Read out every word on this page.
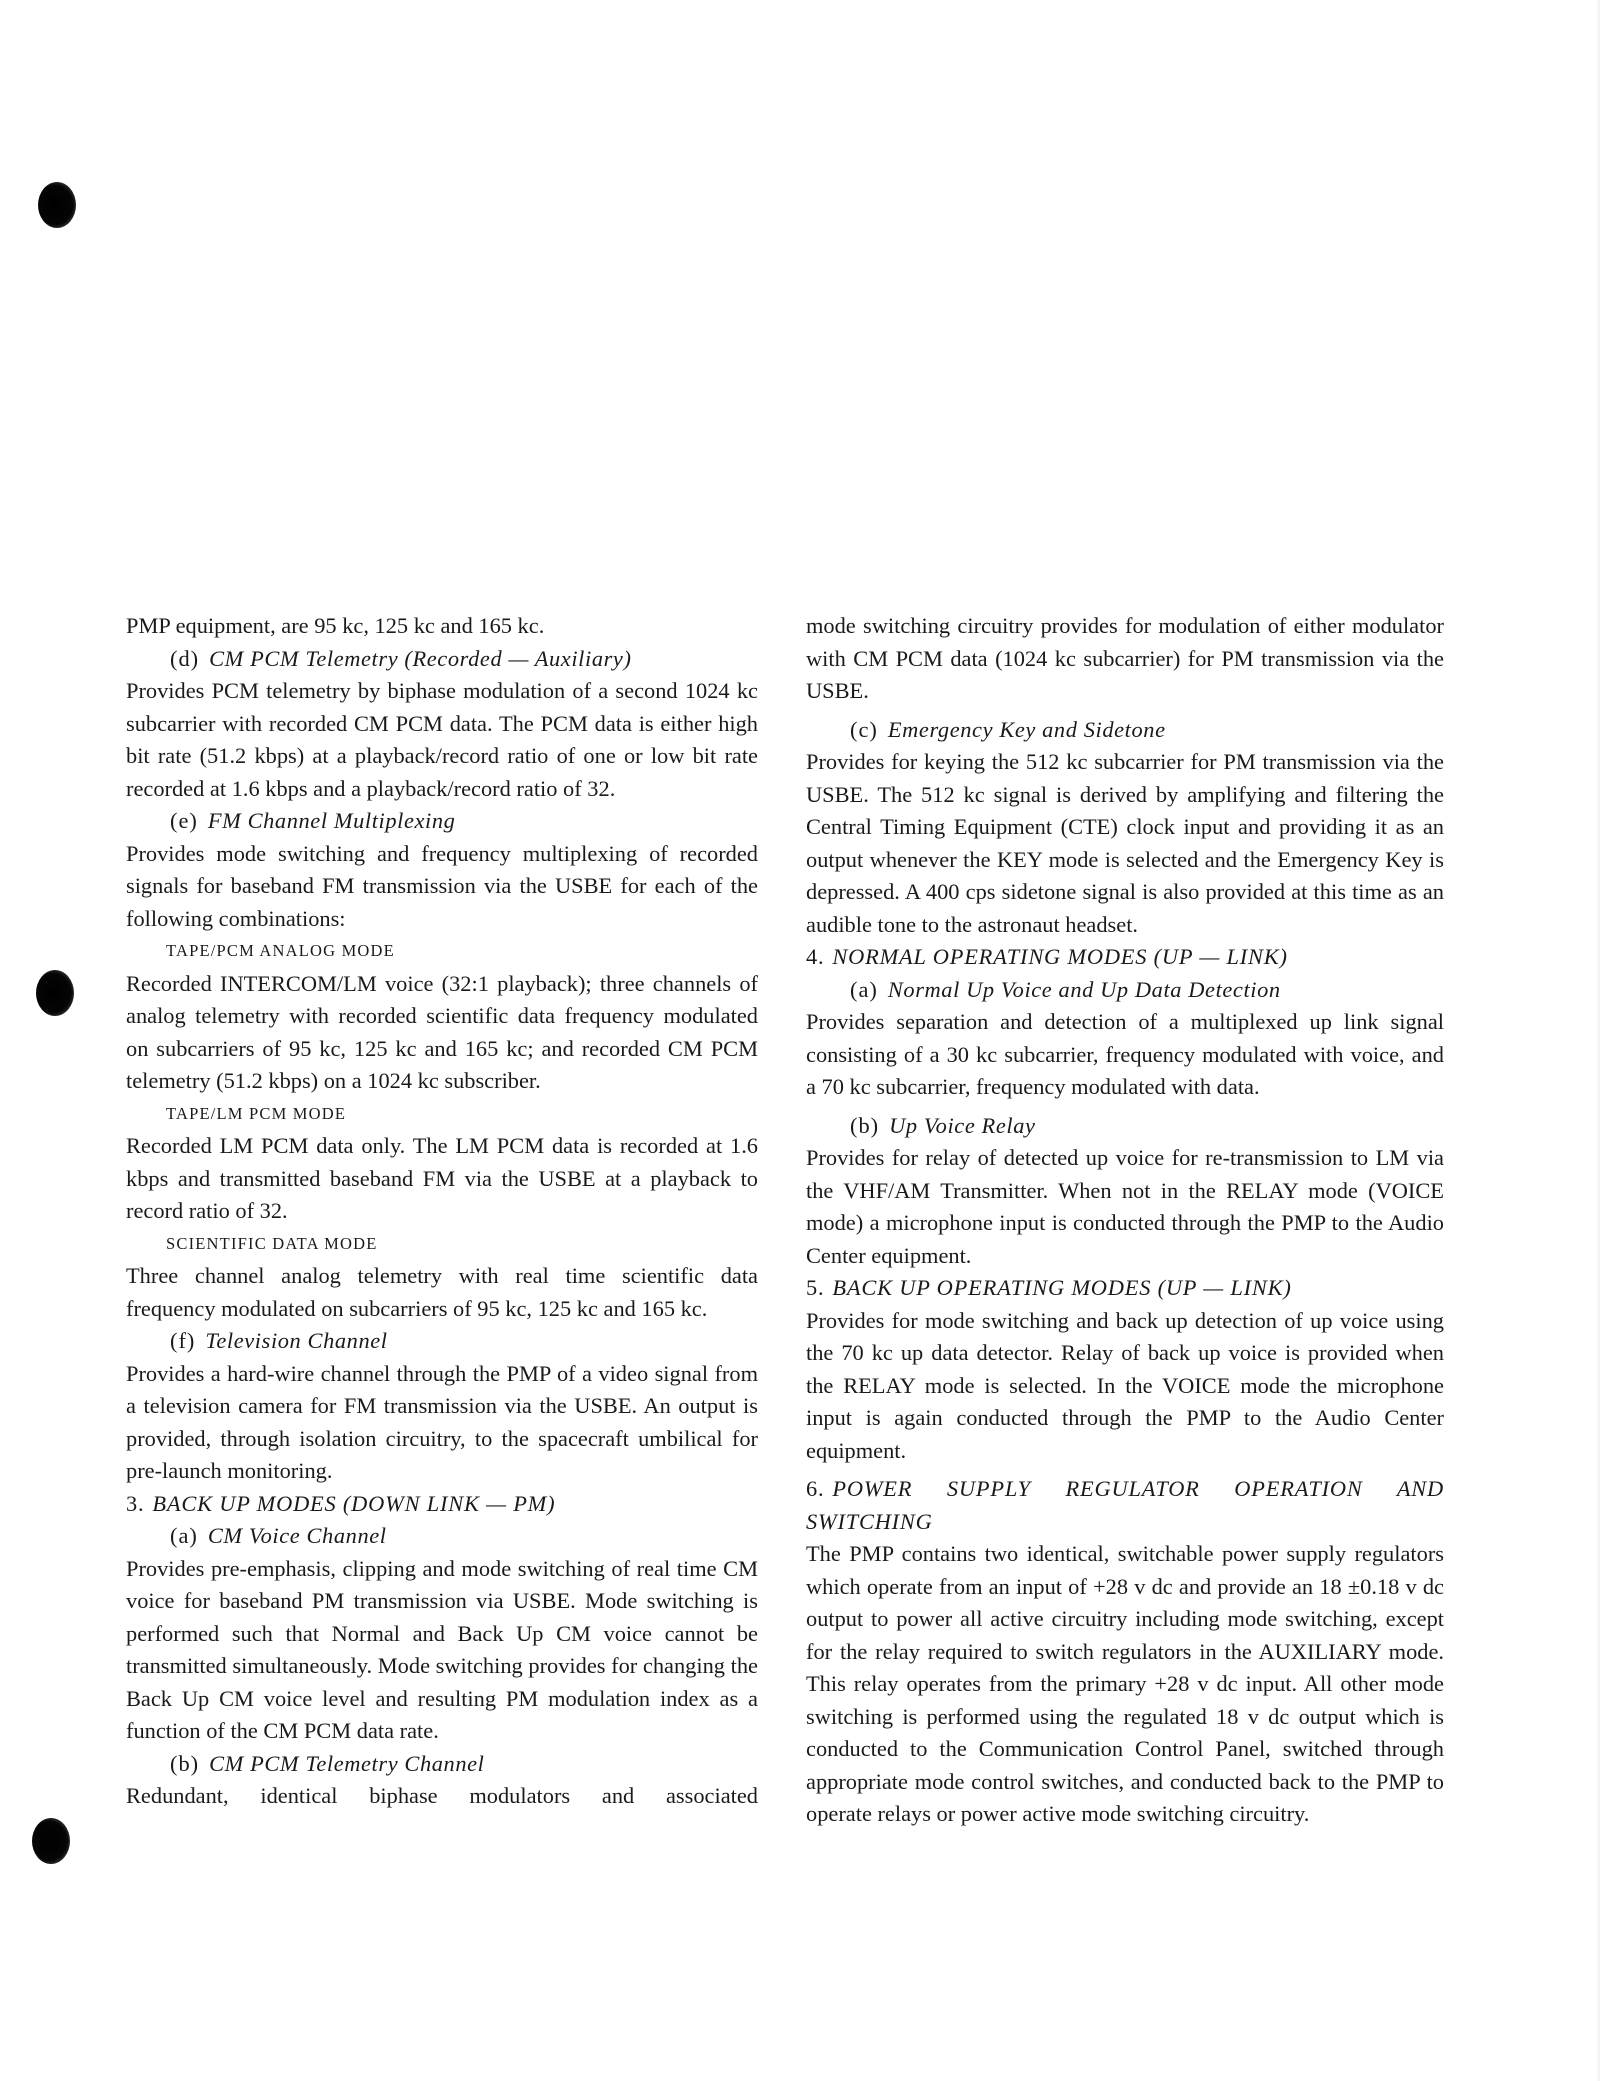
PMP equipment, are 95 kc, 125 kc and 165 kc.

(d) CM PCM Telemetry (Recorded — Auxiliary)

Provides PCM telemetry by biphase modulation of a second 1024 kc subcarrier with recorded CM PCM data. The PCM data is either high bit rate (51.2 kbps) at a playback/record ratio of one or low bit rate recorded at 1.6 kbps and a playback/record ratio of 32.

(e) FM Channel Multiplexing

Provides mode switching and frequency multiplexing of recorded signals for baseband FM transmission via the USBE for each of the following combinations:

TAPE/PCM ANALOG MODE

Recorded INTERCOM/LM voice (32:1 playback); three channels of analog telemetry with recorded scientific data frequency modulated on subcarriers of 95 kc, 125 kc and 165 kc; and recorded CM PCM telemetry (51.2 kbps) on a 1024 kc subscriber.

TAPE/LM PCM MODE

Recorded LM PCM data only. The LM PCM data is recorded at 1.6 kbps and transmitted baseband FM via the USBE at a playback to record ratio of 32.

SCIENTIFIC DATA MODE

Three channel analog telemetry with real time scientific data frequency modulated on subcarriers of 95 kc, 125 kc and 165 kc.

(f) Television Channel

Provides a hard-wire channel through the PMP of a video signal from a television camera for FM transmission via the USBE. An output is provided, through isolation circuitry, to the spacecraft umbilical for pre-launch monitoring.

3. BACK UP MODES (DOWN LINK — PM)

(a) CM Voice Channel

Provides pre-emphasis, clipping and mode switching of real time CM voice for baseband PM transmission via USBE. Mode switching is performed such that Normal and Back Up CM voice cannot be transmitted simultaneously. Mode switching provides for changing the Back Up CM voice level and resulting PM modulation index as a function of the CM PCM data rate.

(b) CM PCM Telemetry Channel

Redundant, identical biphase modulators and associated

mode switching circuitry provides for modulation of either modulator with CM PCM data (1024 kc subcarrier) for PM transmission via the USBE.

(c) Emergency Key and Sidetone

Provides for keying the 512 kc subcarrier for PM transmission via the USBE. The 512 kc signal is derived by amplifying and filtering the Central Timing Equipment (CTE) clock input and providing it as an output whenever the KEY mode is selected and the Emergency Key is depressed. A 400 cps sidetone signal is also provided at this time as an audible tone to the astronaut headset.

4. NORMAL OPERATING MODES (UP — LINK)

(a) Normal Up Voice and Up Data Detection

Provides separation and detection of a multiplexed up link signal consisting of a 30 kc subcarrier, frequency modulated with voice, and a 70 kc subcarrier, frequency modulated with data.

(b) Up Voice Relay

Provides for relay of detected up voice for re-transmission to LM via the VHF/AM Transmitter. When not in the RELAY mode (VOICE mode) a microphone input is conducted through the PMP to the Audio Center equipment.

5. BACK UP OPERATING MODES (UP — LINK)

Provides for mode switching and back up detection of up voice using the 70 kc up data detector. Relay of back up voice is provided when the RELAY mode is selected. In the VOICE mode the microphone input is again conducted through the PMP to the Audio Center equipment.

6. POWER SUPPLY REGULATOR OPERATION AND SWITCHING

The PMP contains two identical, switchable power supply regulators which operate from an input of +28 v dc and provide an 18 ±0.18 v dc output to power all active circuitry including mode switching, except for the relay required to switch regulators in the AUXILIARY mode. This relay operates from the primary +28 v dc input. All other mode switching is performed using the regulated 18 v dc output which is conducted to the Communication Control Panel, switched through appropriate mode control switches, and conducted back to the PMP to operate relays or power active mode switching circuitry.
